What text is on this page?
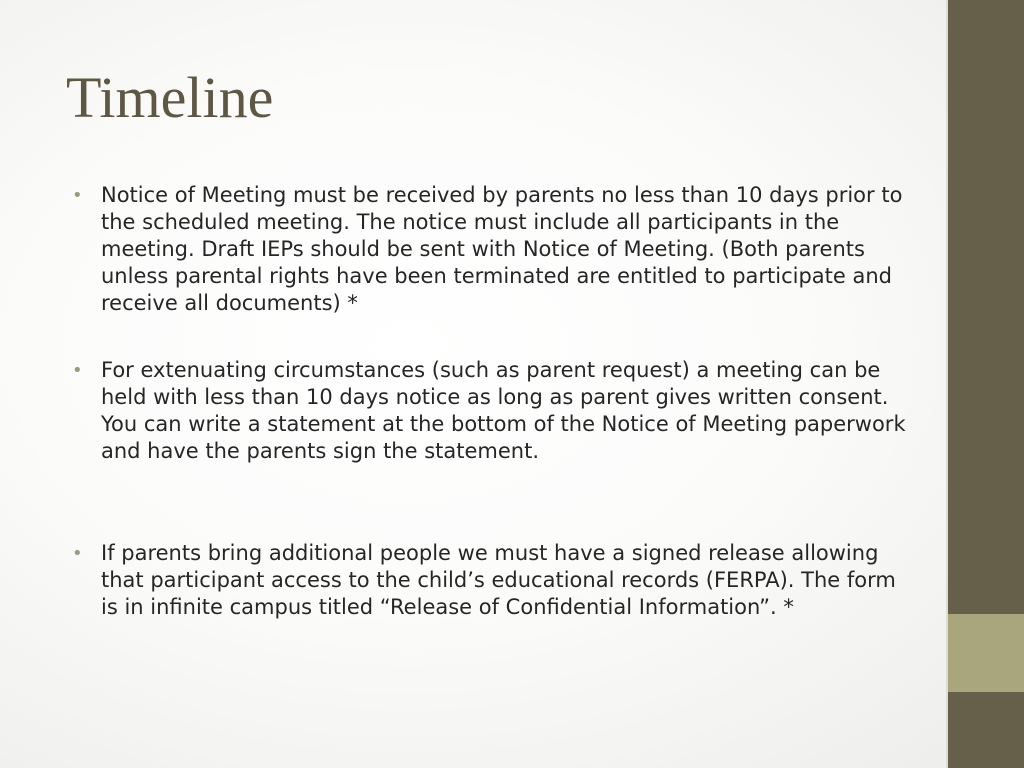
Timeline
• Notice of Meeting must be received by parents no less than 10 days prior to the scheduled meeting. The notice must include all participants in the meeting. Draft IEPs should be sent with Notice of Meeting. (Both parents unless parental rights have been terminated are entitled to participate and receive all documents) *
• For extenuating circumstances (such as parent request) a meeting can be held with less than 10 days notice as long as parent gives written consent. You can write a statement at the bottom of the Notice of Meeting paperwork and have the parents sign the statement.
• If parents bring additional people we must have a signed release allowing that participant access to the child’s educational records (FERPA). The form is in infinite campus titled “Release of Confidential Information”. *
